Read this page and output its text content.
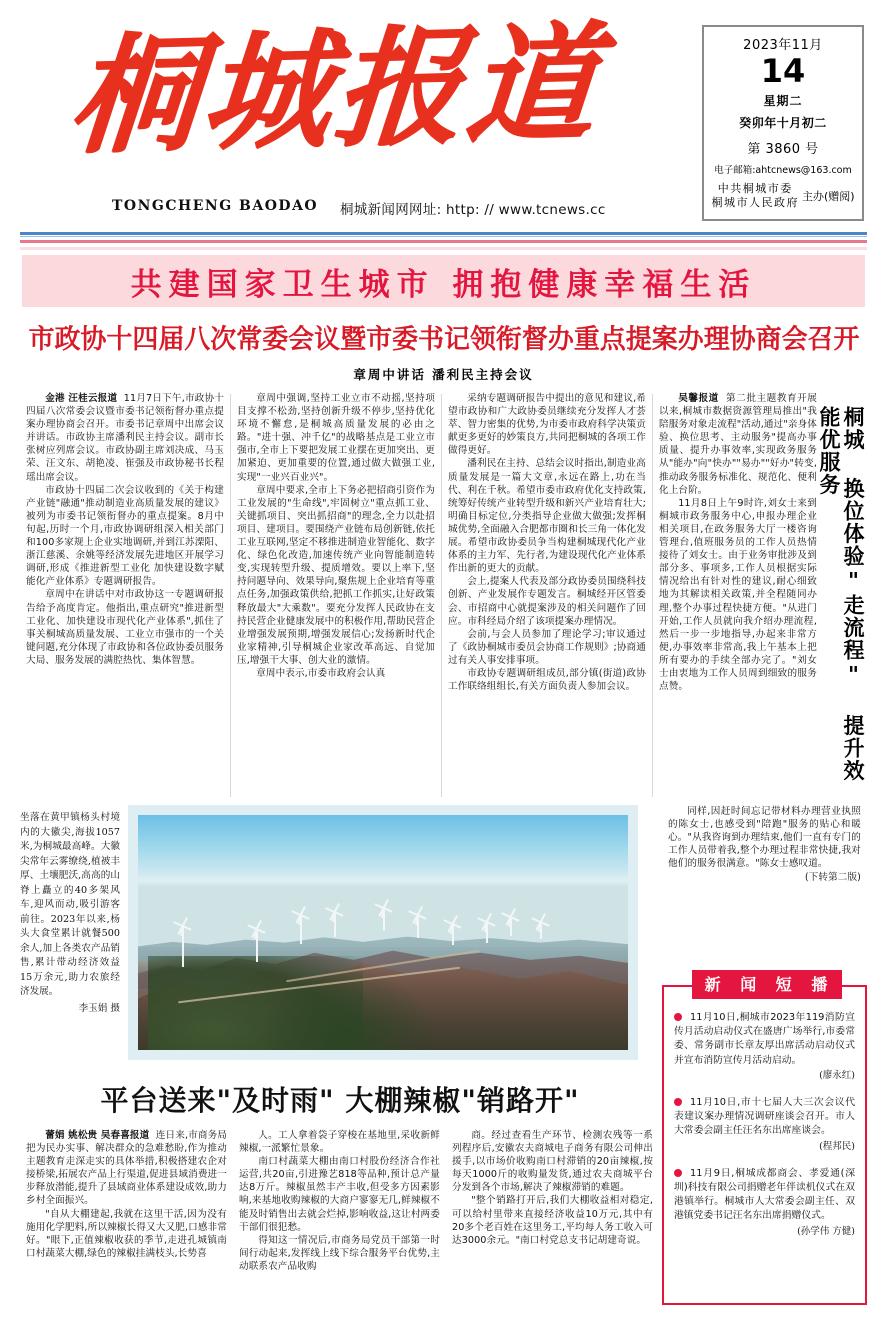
桐城报道
TONGCHENG BAODAO 桐城新闻网网址: http: // www.tcnews.cc
2023年11月
14
星期二
癸卯年十月初二
第 3860 号
电子邮箱:ahtcnews@163.com
中共桐城市委
桐城市人民政府 主办(赠阅)
共建国家卫生城市 拥抱健康幸福生活
市政协十四届八次常委会议暨市委书记领衔督办重点提案办理协商会召开
章周中讲话 潘利民主持会议

金港 汪桂云报道 11月7日下午,市政协十四届八次常委会议暨市委书记领衔督办重点提案办理协商会召开。市委书记章周中出席会议并讲话。市政协主席潘利民主持会议。副市长张树应列席会议。市政协副主席刘决成、马玉荣、汪文东、胡艳凌、崔强及市政协秘书长程瑶出席会议。

市政协十四届二次会议收到的《关于构建产业链"融通"推动制造业高质量发展的建议》被列为市委书记领衔督办的重点提案。8月中旬起,历时一个月,市政协调研组深入相关部门和100多家规上企业实地调研,并到江苏溧阳、浙江慈溪、余姚等经济发展先进地区开展学习调研,形成《推进新型工业化 加快建设数字赋能化产业体系》专题调研报告。

章周中在讲话中对市政协这一专题调研报告给予高度肯定。他指出,重点研究"推进新型工业化、加快建设市现代化产业体系",抓住了事关桐城高质量发展、工业立市强市的一个关键问题,充分体现了市政协和各位政协委员服务大局、服务发展的满腔热忱、集体智慧。

章周中强调,坚持工业立市不动摇,坚持项目支撑不松劲,坚持创新升级不停步,坚持优化环境不懈怠,是桐城高质量发展的必由之路。"进十强、冲千亿"的战略基点是工业立市强市,全市上下要把发展工业摆在更加突出、更加紧迫、更加重要的位置,通过做大做强工业,实现"一业兴百业兴"。

章周中要求,全市上下务必把招商引资作为工业发展的"生命线",牢固树立"重点抓工业、关键抓项目、突出抓招商"的理念,全力以赴招项目、建项目。要围绕产业链布局创新链,依托工业互联网,坚定不移推进制造业智能化、数字化、绿色化改造,加速传统产业向智能制造转变,实现转型升级、提质增效。要以上率下,坚持问题导向、效果导向,聚焦规上企业培育等重点任务,加强政策供给,把抓工作抓实,让好政策释放最大"大乘数"。要充分发挥人民政协在支持民营企业健康发展中的积极作用,帮助民营企业增强发展预期,增强发展信心;发扬新时代企业家精神,引导桐城企业家改革高远、自觉加压,增强干大事、创大业的激情。

章周中表示,市委市政府会认真

采纳专题调研报告中提出的意见和建议,希望市政协和广大政协委员继续充分发挥人才荟萃、智力密集的优势,为市委市政府科学决策贡献更多更好的妙策良方,共同把桐城的各项工作做得更好。

潘利民在主持、总结会议时指出,制造业高质量发展是一篇大文章,永远在路上,功在当代、利在千秋。希望市委市政府优化支持政策,统筹好传统产业转型升级和新兴产业培育壮大;明确目标定位,分类指导企业做大做强;发挥桐城优势,全面融入合肥都市圈和长三角一体化发展。希望市政协委员争当构建桐城现代化产业体系的主力军、先行者,为建设现代化产业体系作出新的更大的贡献。

会上,提案人代表及部分政协委员围绕科技创新、产业发展作专题发言。桐城经开区管委会、市招商中心就提案涉及的相关问题作了回应。市科经局介绍了该项提案办理情况。

会前,与会人员参加了理论学习;审议通过了《政协桐城市委员会协商工作规则》;协商通过有关人事安排事项。

市政协专题调研组成员,部分镇(街道)政协工作联络组组长,有关方面负责人参加会议。	桐城 换位体验"走流程" 提升效能优服务

吴馨报道 第二批主题教育开展以来,桐城市数据资源管理局推出"我陪服务对象走流程"活动,通过"亲身体验、换位思考、主动服务"提高办事质量、提升办事效率,实现政务服务从"能办"向"快办""易办""好办"转变,推动政务服务标准化、规范化、便利化上台阶。

11月8日上午9时许,刘女士来到桐城市政务服务中心,申报办理企业相关项目,在政务服务大厅一楼咨询管理台,值班服务员的工作人员热情接待了刘女士。由于业务审批涉及到部分多、事项多,工作人员根据实际情况给出有针对性的建议,耐心细致地为其解读相关政策,并全程随同办理,整个办事过程快捷方便。"从进门开始,工作人员就向我介绍办理流程,然后一步一步地指导,办起来非常方便,办事效率非常高,我上午基本上把所有要办的手续全部办完了。"刘女士由衷地为工作人员周到细致的服务点赞。

坐落在黄甲镇杨头村境内的大徽尖,海拔1057米,为桐城最高峰。大徽尖常年云雾缭绕,植被丰厚、土壤肥沃,高高的山脊上矗立的40多架风车,迎风而动,吸引游客前往。2023年以来,杨头大食堂累计就餐500余人,加上各类农产品销售,累计带动经济效益15万余元,助力农旅经济发展。
李玉娟 摄

同样,因赶时间忘记带材料办理营业执照的陈女士,也感受到"陪跑"服务的贴心和暖心。"从我咨询到办理结束,他们一直有专门的工作人员带着我,整个办理过程非常快捷,我对他们的服务很满意。"陈女士感叹道。

(下转第二版)

平台送来"及时雨" 大棚辣椒"销路开"

蕾娟 姚松贵 吴春喜报道 连日来,市商务局把为民办实事、解决群众的急难愁盼,作为推动主题教育走深走实的具体举措,积极搭建农企对接桥梁,拓展农产品上行渠道,促进县域消费进一步释放潜能,提升了县域商业体系建设成效,助力乡村全面振兴。

"自从大棚建起,我就在这里干活,因为没有施用化学肥料,所以辣椒长得又大又肥,口感非常好。"眼下,正值辣椒收获的季节,走进孔城镇南口村蔬菜大棚,绿色的辣椒挂满枝头,长势喜

人。工人拿着袋子穿梭在基地里,采收新鲜辣椒,一派繁忙景象。

南口村蔬菜大棚由南口村股份经济合作社运营,共20亩,引进豫艺818等品种,预计总产量达8万斤。辣椒虽然丰产丰收,但受多方因素影响,来基地收购辣椒的大商户寥寥无几,鲜辣椒不能及时销售出去就会烂掉,影响收益,这让村两委干部们很犯愁。

得知这一情况后,市商务局党员干部第一时间行动起来,发挥线上线下综合服务平台优势,主动联系农产品收购

商。经过查看生产环节、检测农残等一系列程序后,安徽农夫商城电子商务有限公司伸出援手,以市场价收购南口村滞销的20亩辣椒,按每天1000斤的收购量发货,通过农夫商城平台分发到各个市场,解决了辣椒滞销的难题。

"整个销路打开后,我们大棚收益相对稳定,可以给村里带来直接经济收益10万元,其中有20多个老百姓在这里务工,平均每人务工收入可达3000余元。"南口村党总支书记胡建奇说。

新 闻 短 播
11月10日,桐城市2023年119消防宣传月活动启动仪式在盛唐广场举行,市委常委、常务副市长章友厚出席活动启动仪式并宣布消防宣传月活动启动。
(廖永红)
11月10日,市十七届人大三次会议代表建议案办理情况调研座谈会召开。市人大常委会副主任汪名东出席座谈会。
(程邦民)
11月9日,桐城成都商会、孝爱通(深圳)科技有限公司捐赠老年伴读机仪式在双港镇举行。桐城市人大常委会副主任、双港镇党委书记汪名东出席捐赠仪式。
(孙学伟 方健)
